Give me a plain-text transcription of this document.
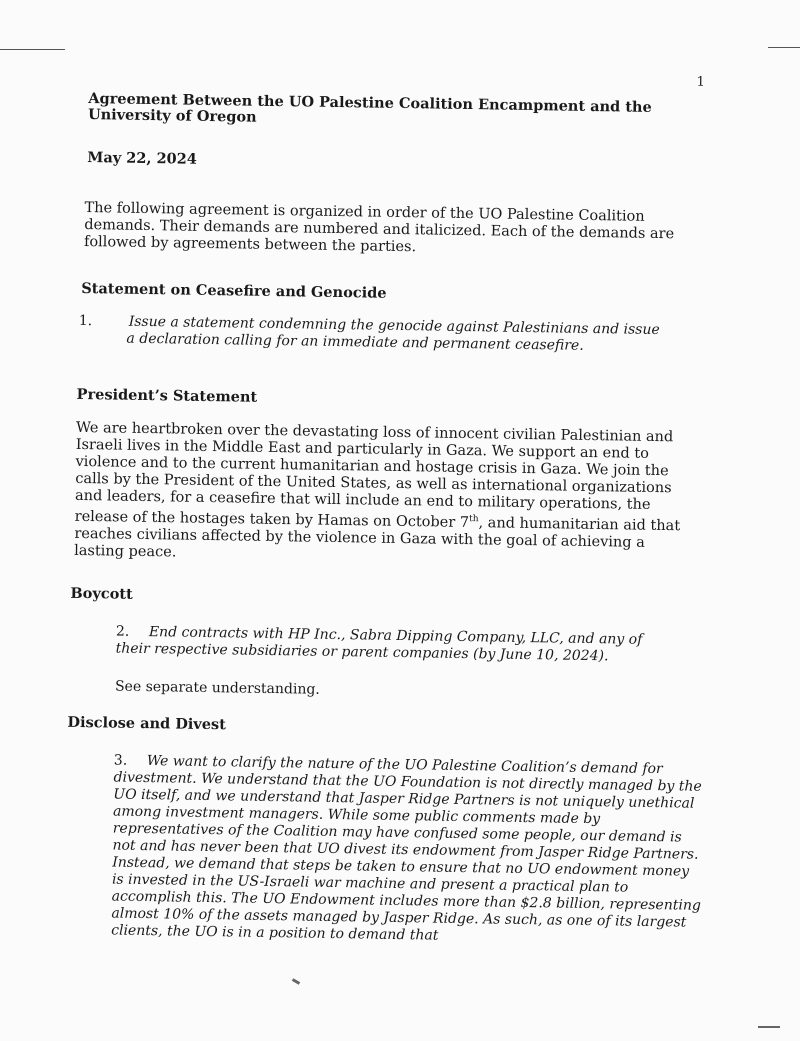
1
Agreement Between the UO Palestine Coalition Encampment and the University of Oregon
May 22, 2024
The following agreement is organized in order of the UO Palestine Coalition demands. Their demands are numbered and italicized. Each of the demands are followed by agreements between the parties.
Statement on Ceasefire and Genocide
1.	Issue a statement condemning the genocide against Palestinians and issue a declaration calling for an immediate and permanent ceasefire.
President’s Statement
We are heartbroken over the devastating loss of innocent civilian Palestinian and Israeli lives in the Middle East and particularly in Gaza. We support an end to violence and to the current humanitarian and hostage crisis in Gaza. We join the calls by the President of the United States, as well as international organizations and leaders, for a ceasefire that will include an end to military operations, the release of the hostages taken by Hamas on October 7th, and humanitarian aid that reaches civilians affected by the violence in Gaza with the goal of achieving a lasting peace.
Boycott
2. End contracts with HP Inc., Sabra Dipping Company, LLC, and any of their respective subsidiaries or parent companies (by June 10, 2024).
See separate understanding.
Disclose and Divest
3. We want to clarify the nature of the UO Palestine Coalition’s demand for divestment. We understand that the UO Foundation is not directly managed by the UO itself, and we understand that Jasper Ridge Partners is not uniquely unethical among investment managers. While some public comments made by representatives of the Coalition may have confused some people, our demand is not and has never been that UO divest its endowment from Jasper Ridge Partners. Instead, we demand that steps be taken to ensure that no UO endowment money is invested in the US-Israeli war machine and present a practical plan to accomplish this. The UO Endowment includes more than $2.8 billion, representing almost 10% of the assets managed by Jasper Ridge. As such, as one of its largest clients, the UO is in a position to demand that
